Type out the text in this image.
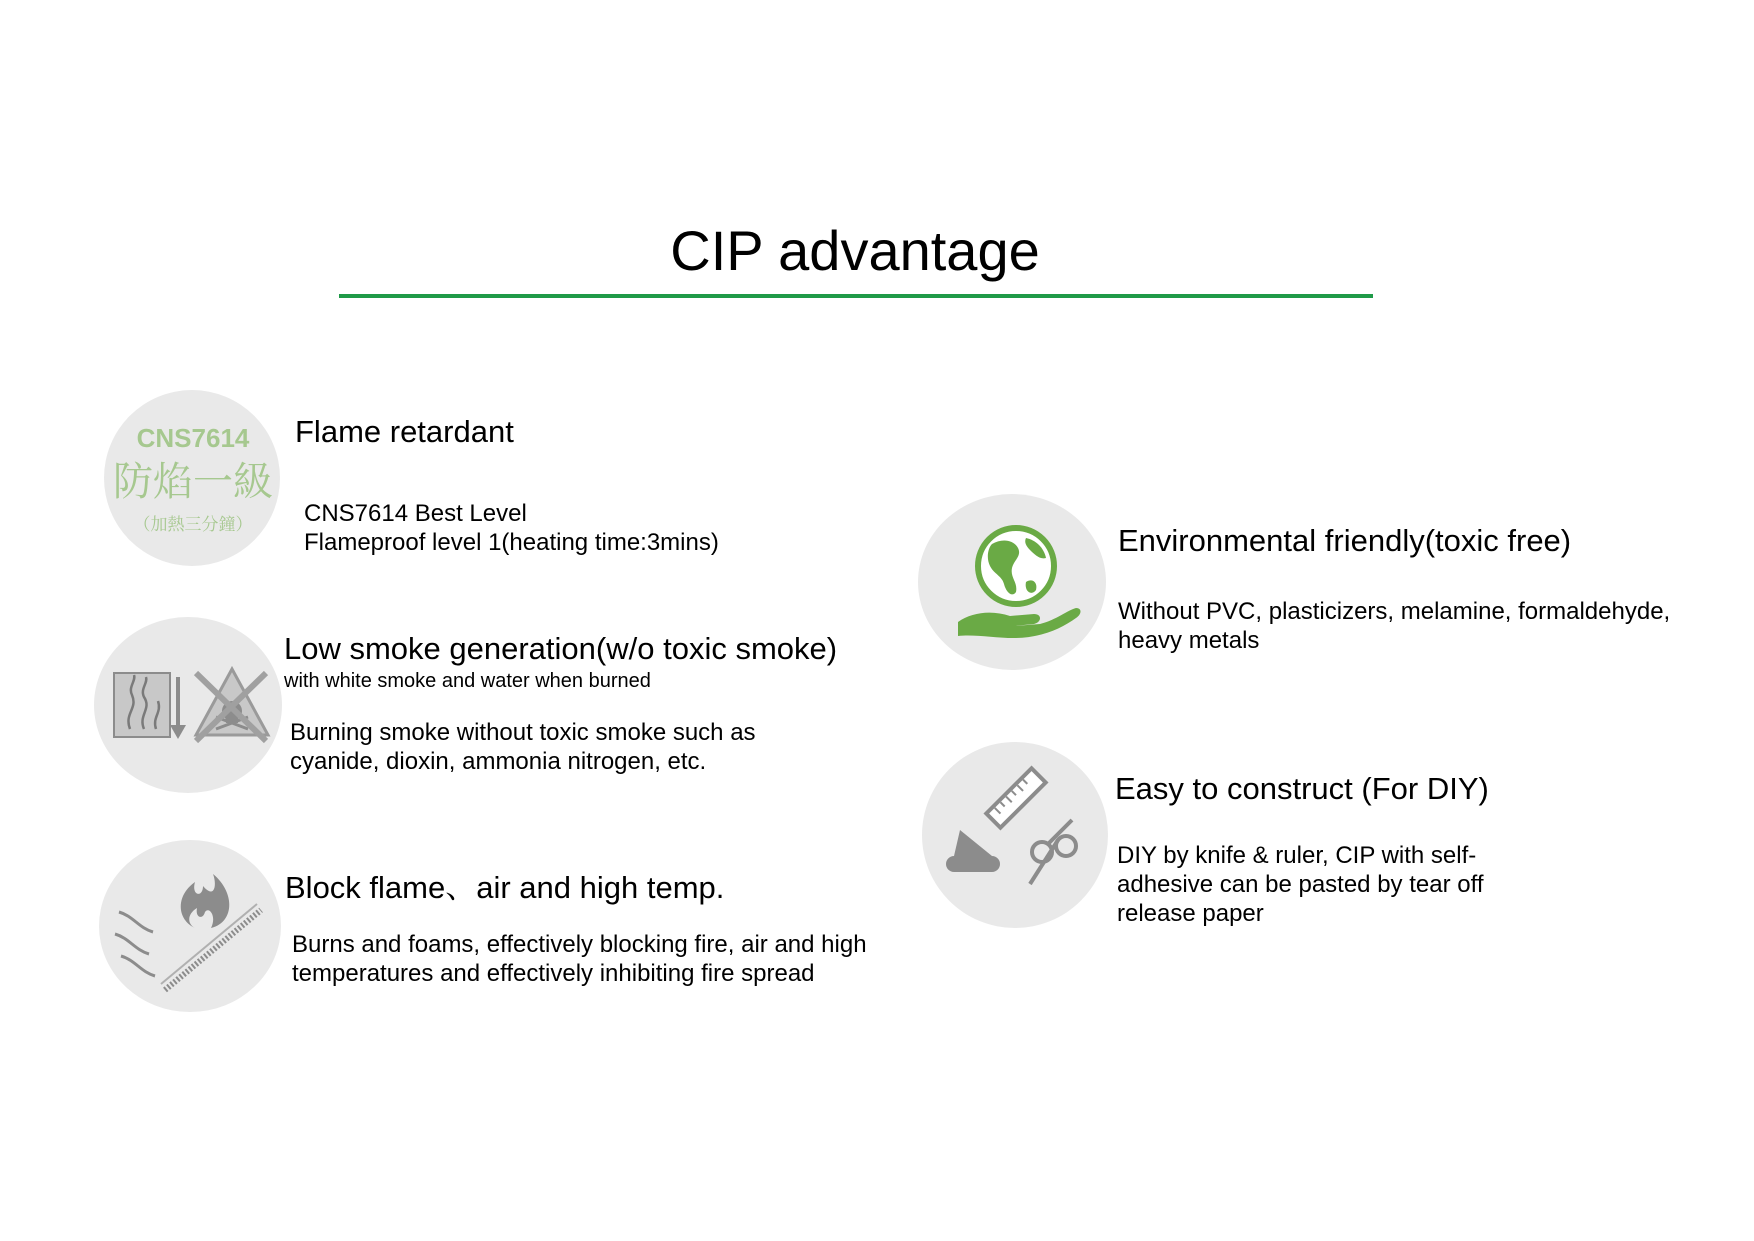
CIP advantage
CNS7614
防焰一級
（加熱三分鐘）
Flame retardant
CNS7614 Best Level
Flameproof level 1(heating time:3mins)
Low smoke generation(w/o toxic smoke)
with white smoke and water when burned
Burning smoke without toxic smoke such as
cyanide, dioxin, ammonia nitrogen, etc.
Block flame、air and high temp.
Burns and foams, effectively blocking fire, air and high
temperatures and effectively inhibiting fire spread
Environmental friendly(toxic free)
Without PVC, plasticizers, melamine, formaldehyde,
heavy metals
Easy to construct (For DIY)
DIY by knife & ruler, CIP with self-
adhesive can be pasted by tear off
release paper
